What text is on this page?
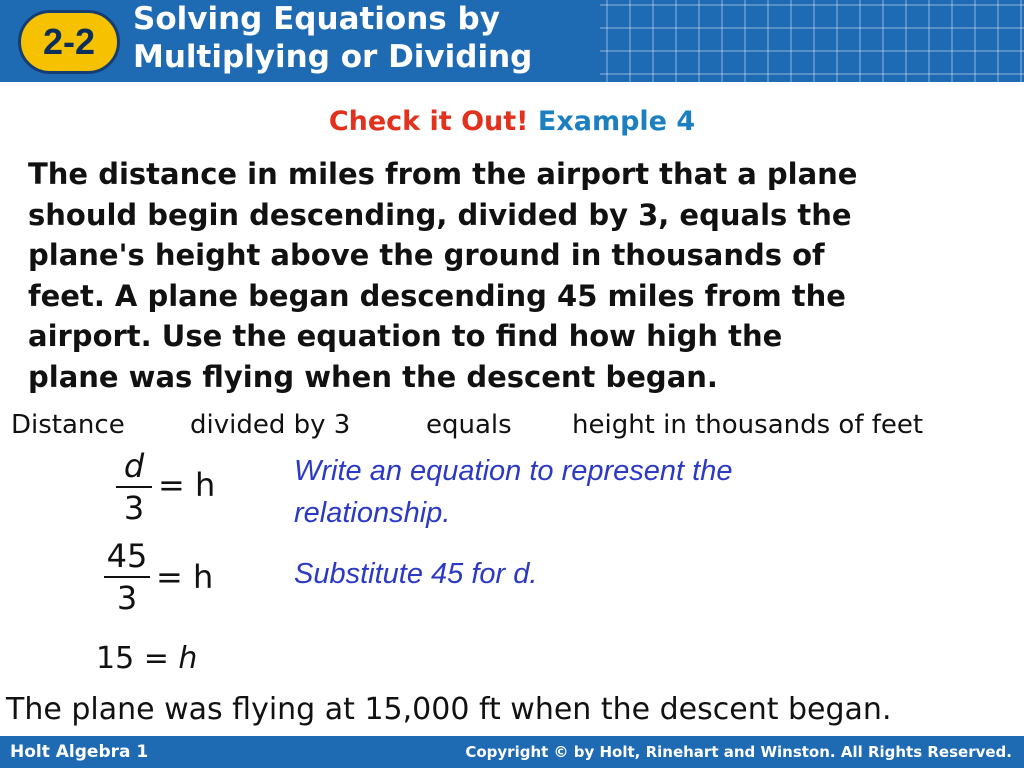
2-2
Solving Equations by
Multiplying or Dividing
Check it Out! Example 4
The distance in miles from the airport that a plane
should begin descending, divided by 3, equals the
plane's height above the ground in thousands of
feet. A plane began descending 45 miles from the
airport. Use the equation to find how high the
plane was flying when the descent began.
Distance	divided by 3	equals height in thousands of feet
d
3
= h	Write an equation to represent the
relationship.
45
3
= h	Substitute 45 for d.
15 = h
The plane was flying at 15,000 ft when the descent began.
Holt Algebra 1	Copyright © by Holt, Rinehart and Winston. All Rights Reserved.
